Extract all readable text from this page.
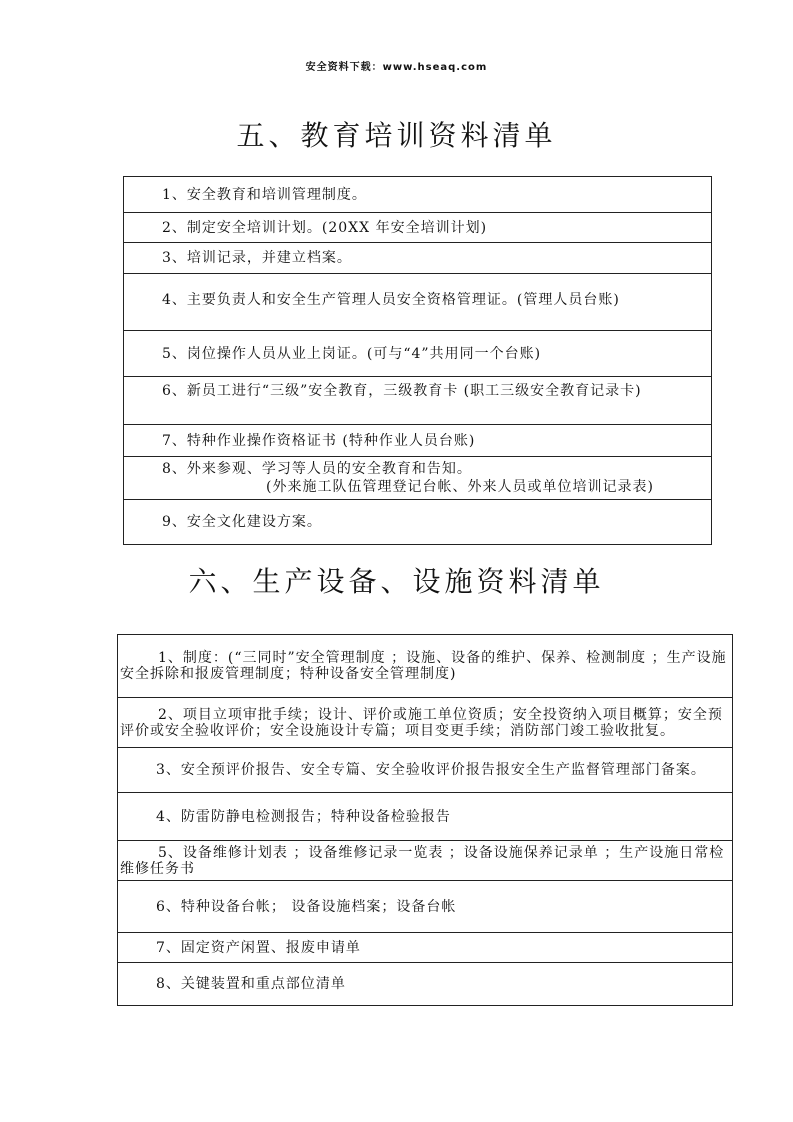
安全资料下载：www.hseaq.com
五、教育培训资料清单
1、安全教育和培训管理制度。

2、制定安全培训计划。(20XX 年安全培训计划)

3、培训记录，并建立档案。

4、主要负责人和安全生产管理人员安全资格管理证。(管理人员台账)

5、岗位操作人员从业上岗证。(可与“4”共用同一个台账)

6、新员工进行“三级”安全教育，三级教育卡 (职工三级安全教育记录卡)

7、特种作业操作资格证书 (特种作业人员台账)

8、外来参观、学习等人员的安全教育和告知。
(外来施工队伍管理登记台帐、外来人员或单位培训记录表)

9、安全文化建设方案。
六、生产设备、设施资料清单
1、制度：(“三同时”安全管理制度 ；设施、设备的维护、保养、检测制度 ；生产设施安全拆除和报废管理制度；特种设备安全管理制度)

2、项目立项审批手续；设计、评价或施工单位资质；安全投资纳入项目概算；安全预评价或安全验收评价；安全设施设计专篇；项目变更手续；消防部门竣工验收批复。

3、安全预评价报告、安全专篇、安全验收评价报告报安全生产监督管理部门备案。

4、防雷防静电检测报告；特种设备检验报告

5、设备维修计划表 ；设备维修记录一览表 ；设备设施保养记录单 ；生产设施日常检维修任务书

6、特种设备台帐； 设备设施档案；设备台帐

7、固定资产闲置、报废申请单

8、关键装置和重点部位清单
